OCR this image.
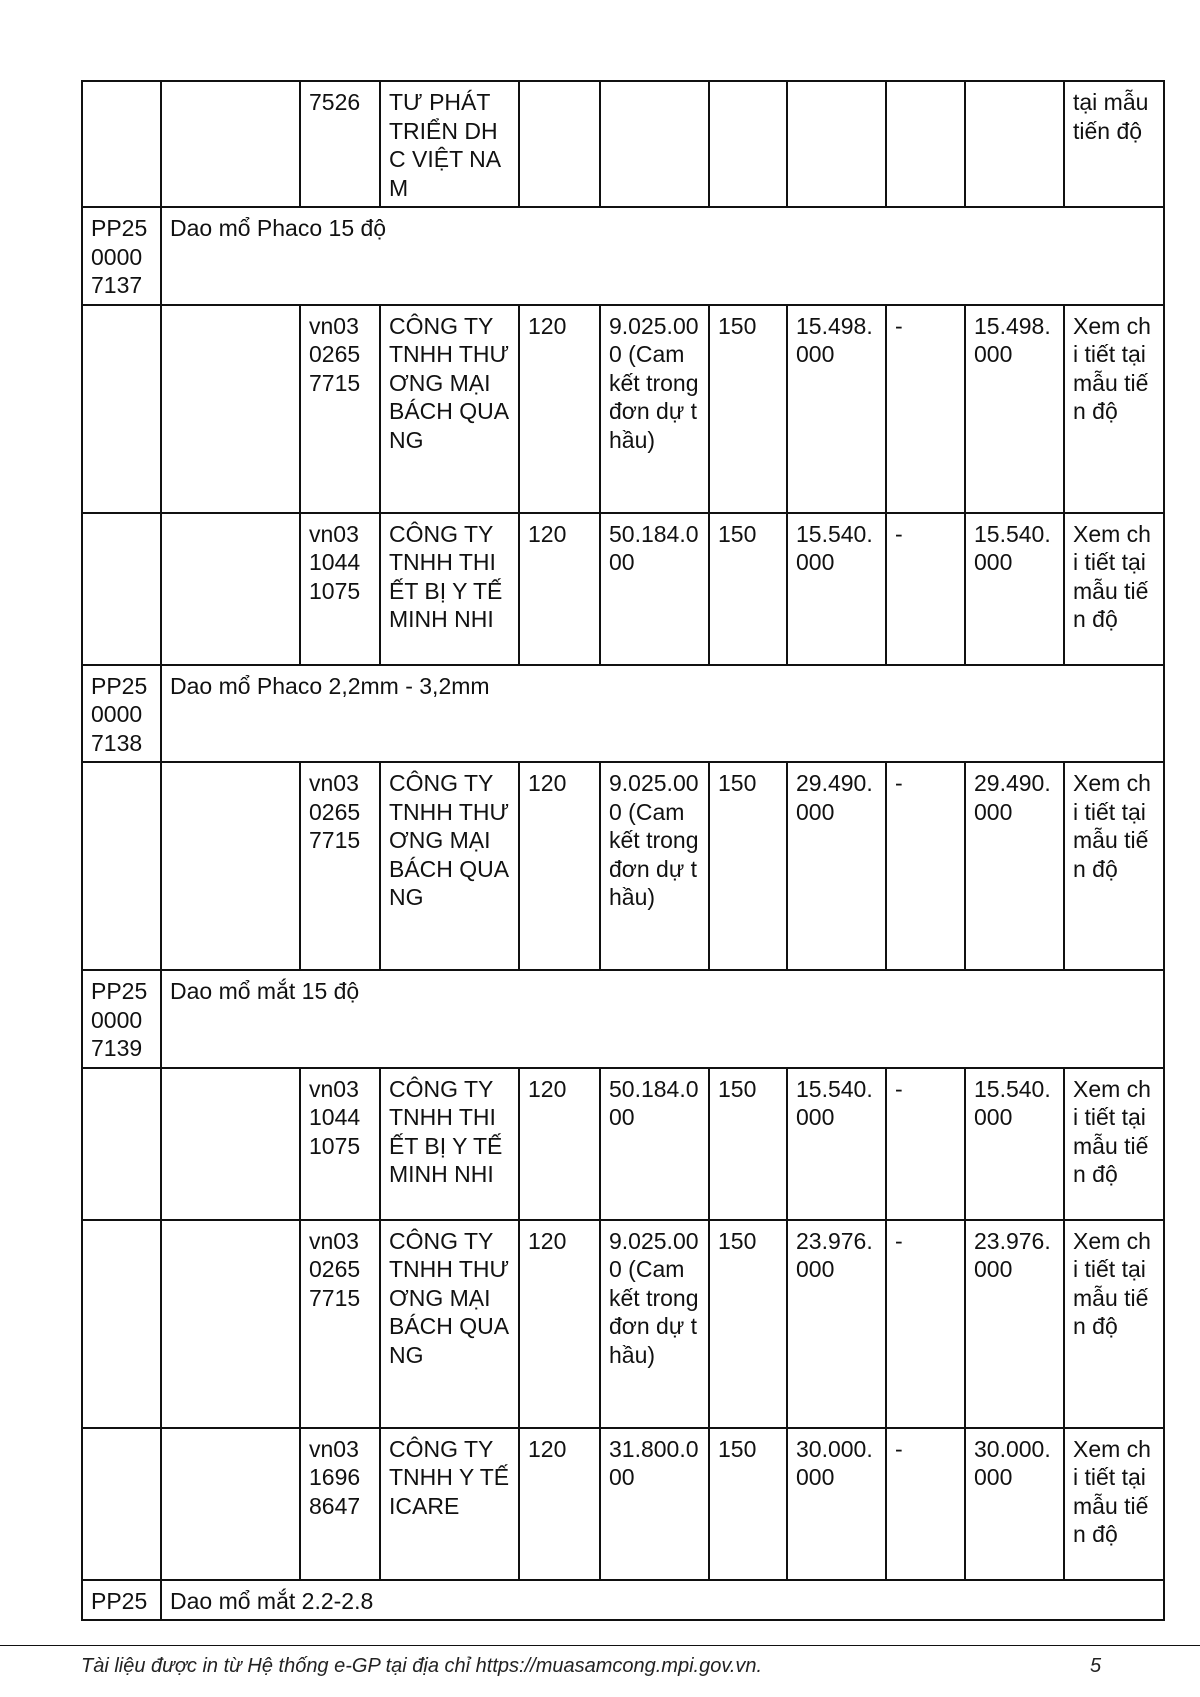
		7526	TƯ PHÁT TRIỂN DHC VIỆT NAM							tại mẫu tiến độ
PP250000 7137	Dao mổ Phaco 15 độ									
		vn0302657715	CÔNG TY TNHH THƯƠNG MẠI BÁCH QUANG	120	9.025.000 (Cam kết trong đơn dự thầu)	150	15.498.000	-	15.498.000	Xem chi tiết tại mẫu tiến độ
		vn0310441075	CÔNG TY TNHH THIẾT BỊ Y TẾ MINH NHI	120	50.184.000	150	15.540.000	-	15.540.000	Xem chi tiết tại mẫu tiến độ
PP250000 7138	Dao mổ Phaco 2,2mm - 3,2mm									
		vn0302657715	CÔNG TY TNHH THƯƠNG MẠI BÁCH QUANG	120	9.025.000 (Cam kết trong đơn dự thầu)	150	29.490.000	-	29.490.000	Xem chi tiết tại mẫu tiến độ
PP250000 7139	Dao mổ mắt 15 độ									
		vn0310441075	CÔNG TY TNHH THIẾT BỊ Y TẾ MINH NHI	120	50.184.000	150	15.540.000	-	15.540.000	Xem chi tiết tại mẫu tiến độ
		vn0302657715	CÔNG TY TNHH THƯƠNG MẠI BÁCH QUANG	120	9.025.000 (Cam kết trong đơn dự thầu)	150	23.976.000	-	23.976.000	Xem chi tiết tại mẫu tiến độ
		vn0316968647	CÔNG TY TNHH Y TẾ ICARE	120	31.800.000	150	30.000.000	-	30.000.000	Xem chi tiết tại mẫu tiến độ
PP25	Dao mổ mắt 2.2-2.8									
Tài liệu được in từ Hệ thống e-GP tại địa chỉ https://muasamcong.mpi.gov.vn.	5
